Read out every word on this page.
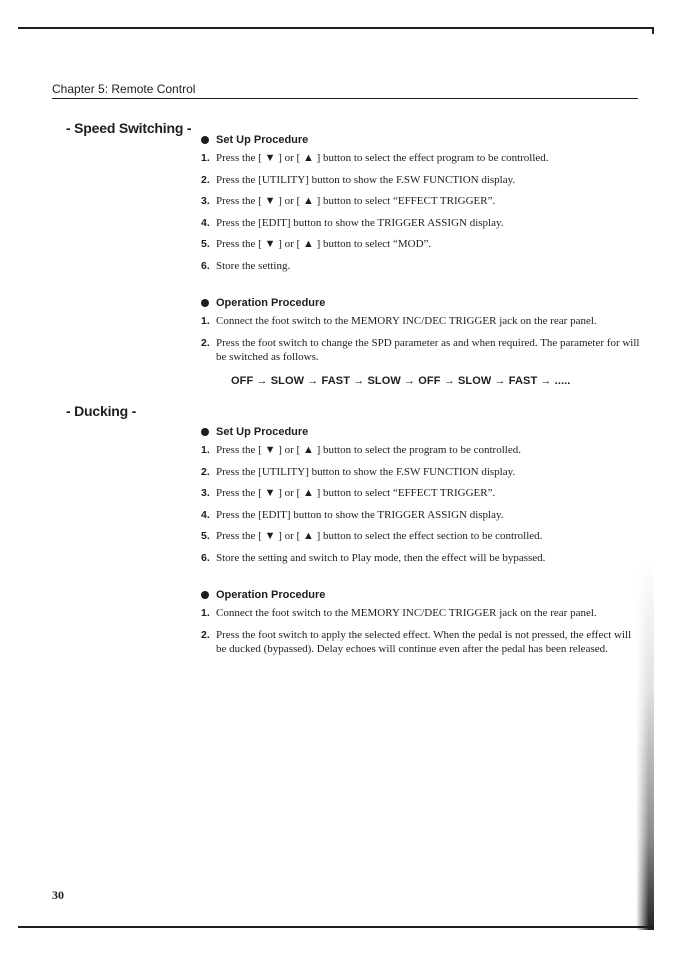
Chapter 5: Remote Control
- Speed Switching -
Set Up Procedure
1. Press the [ ▼ ] or [ ▲ ] button to select the effect program to be controlled.
2. Press the [UTILITY] button to show the F.SW FUNCTION display.
3. Press the [ ▼ ] or [ ▲ ] button to select “EFFECT TRIGGER”.
4. Press the [EDIT] button to show the TRIGGER ASSIGN display.
5. Press the [ ▼ ] or [ ▲ ] button to select “MOD”.
6. Store the setting.
Operation Procedure
1. Connect the foot switch to the MEMORY INC/DEC TRIGGER jack on the rear panel.
2. Press the foot switch to change the SPD parameter as and when required. The parameter for will be switched as follows.
OFF → SLOW → FAST → SLOW → OFF → SLOW → FAST → .....
- Ducking -
Set Up Procedure
1. Press the [ ▼ ] or [ ▲ ] button to select the program to be controlled.
2. Press the [UTILITY] button to show the F.SW FUNCTION display.
3. Press the [ ▼ ] or [ ▲ ] button to select “EFFECT TRIGGER”.
4. Press the [EDIT] button to show the TRIGGER ASSIGN display.
5. Press the [ ▼ ] or [ ▲ ] button to select the effect section to be controlled.
6. Store the setting and switch to Play mode, then the effect will be bypassed.
Operation Procedure
1. Connect the foot switch to the MEMORY INC/DEC TRIGGER jack on the rear panel.
2. Press the foot switch to apply the selected effect. When the pedal is not pressed, the effect will be ducked (bypassed). Delay echoes will continue even after the pedal has been released.
30
